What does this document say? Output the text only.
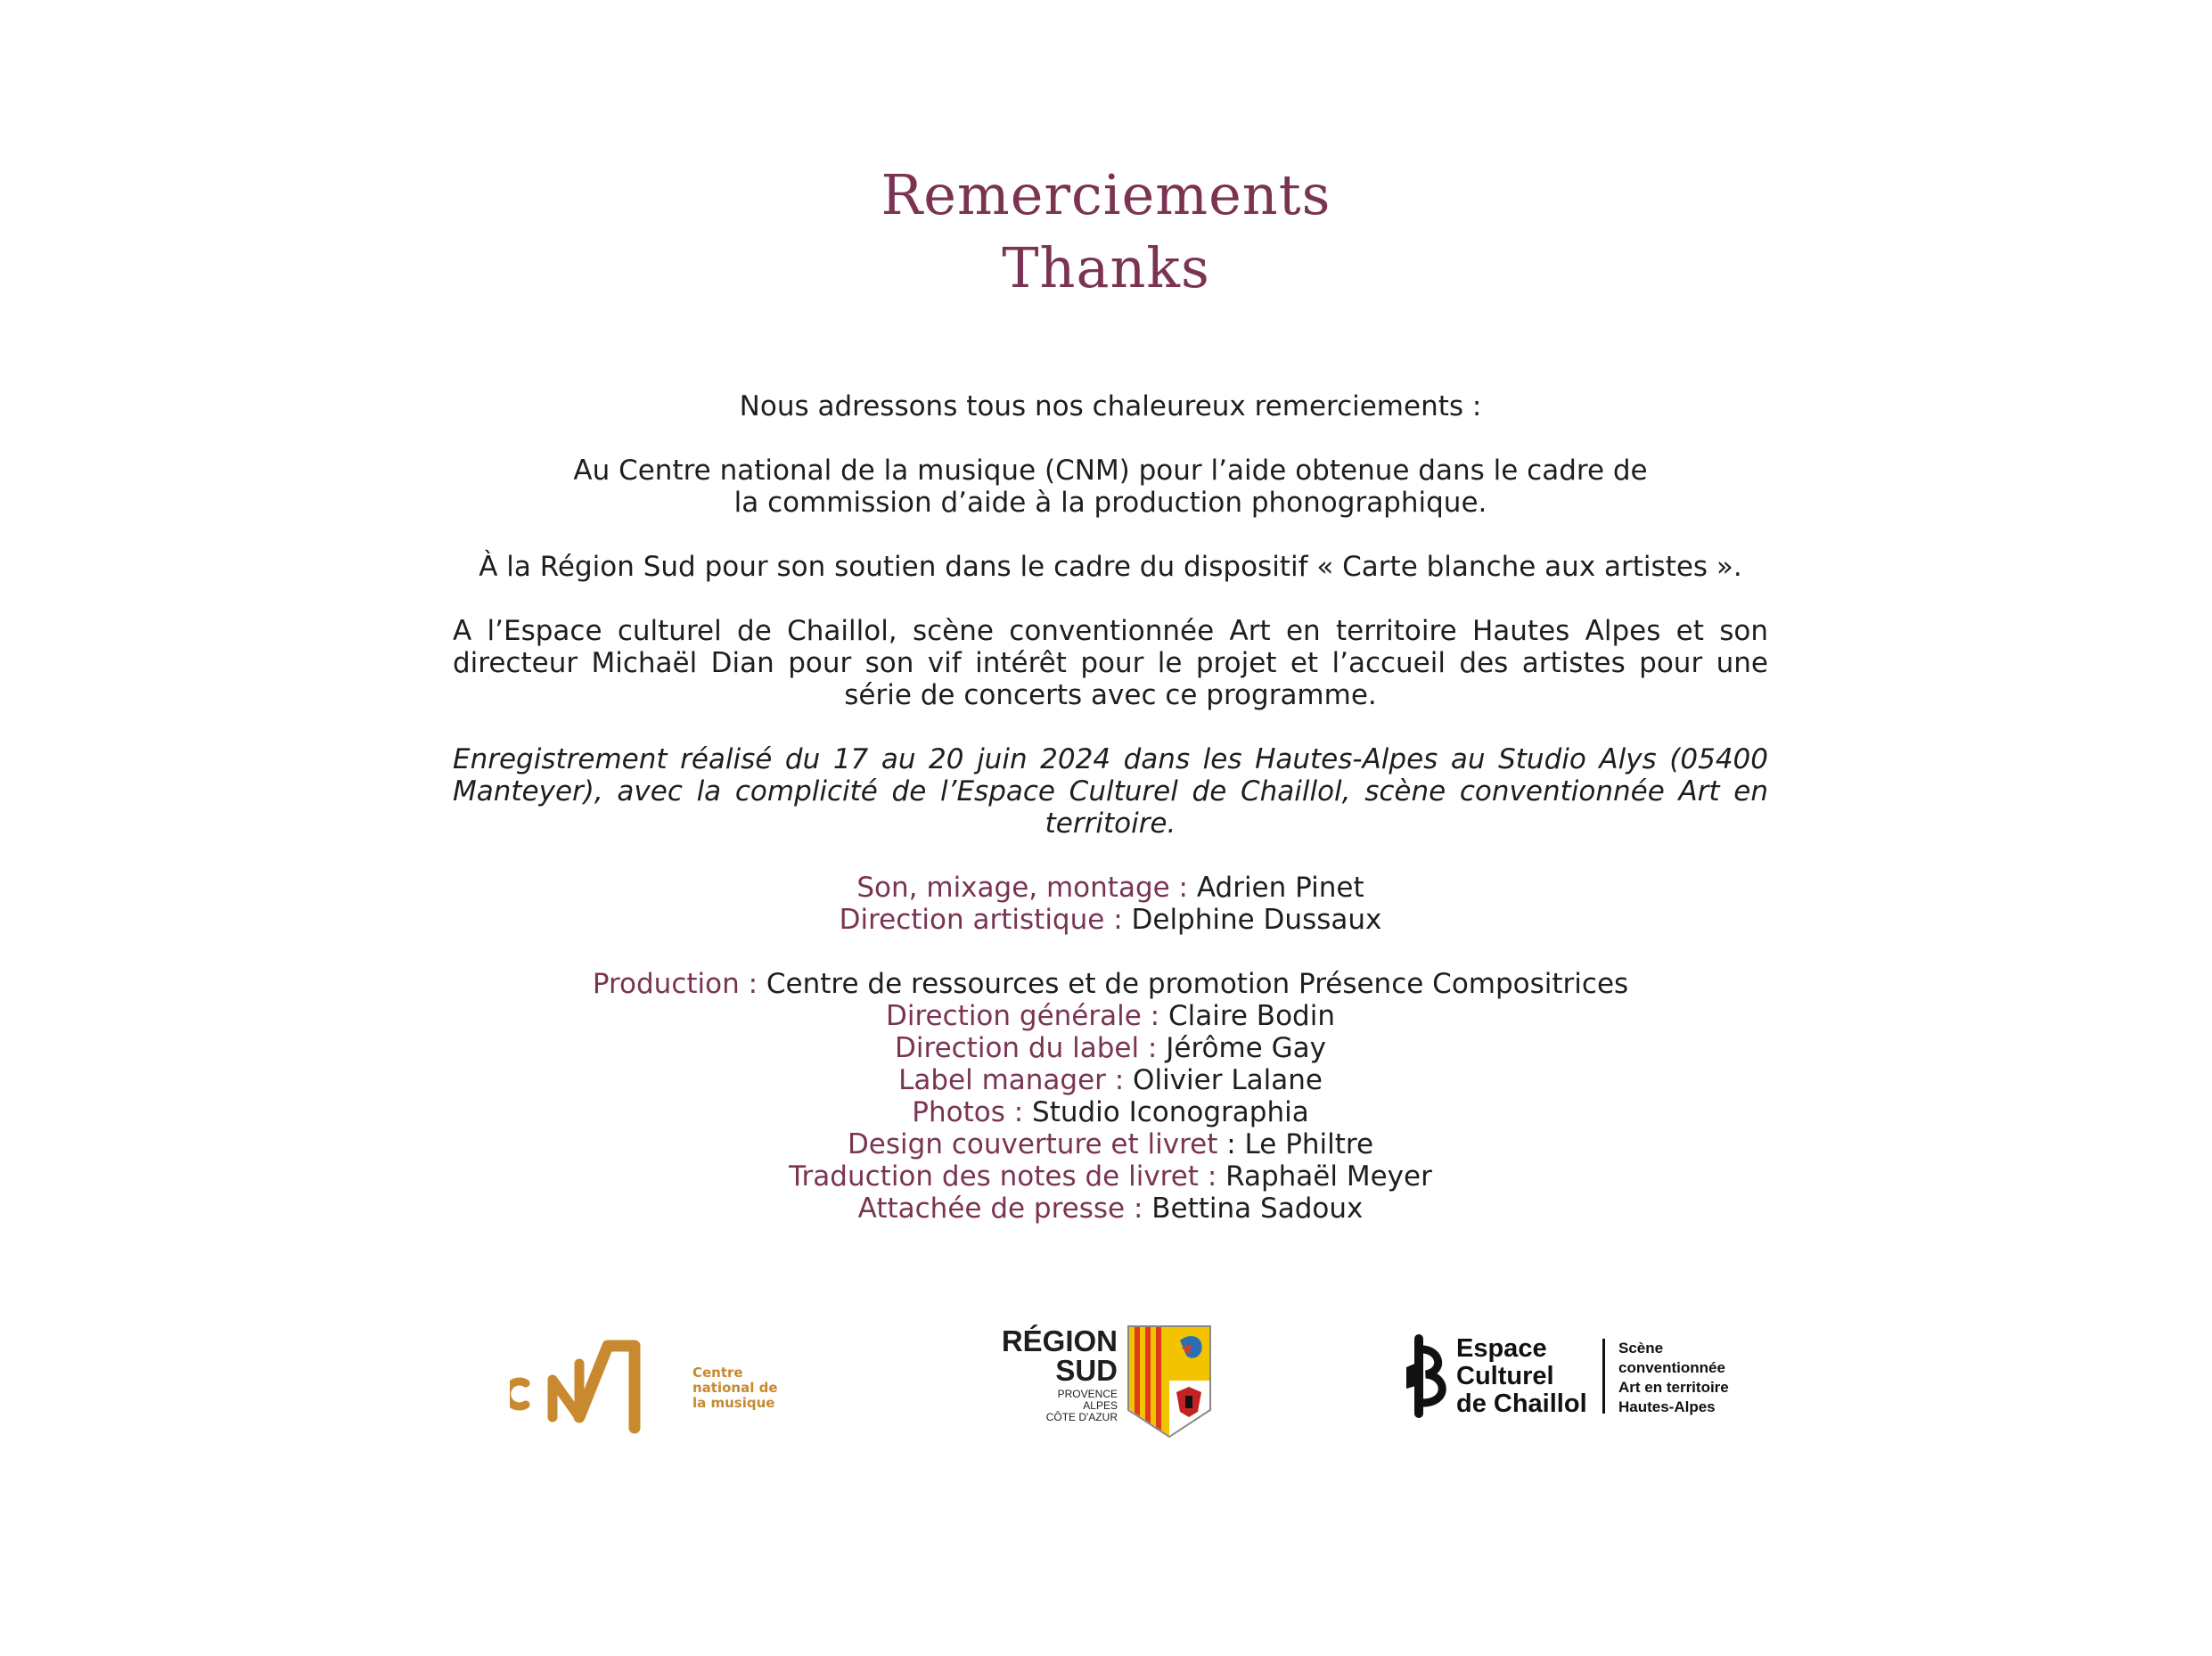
Remerciements
Thanks
Nous adressons tous nos chaleureux remerciements :
Au Centre national de la musique (CNM) pour l’aide obtenue dans le cadre de
la commission d’aide à la production phonographique.
À la Région Sud pour son soutien dans le cadre du dispositif « Carte blanche aux artistes ».
A l’Espace culturel de Chaillol, scène conventionnée Art en territoire Hautes Alpes et son directeur Michaël Dian pour son vif intérêt pour le projet et l’accueil des artistes pour une série de concerts avec ce programme.
Enregistrement réalisé du 17 au 20 juin 2024 dans les Hautes-Alpes au Studio Alys (05400 Manteyer), avec la complicité de l’Espace Culturel de Chaillol, scène conventionnée Art en territoire.
Son, mixage, montage : Adrien Pinet
Direction artistique : Delphine Dussaux
Production : Centre de ressources et de promotion Présence Compositrices
Direction générale : Claire Bodin
Direction du label : Jérôme Gay
Label manager : Olivier Lalane
Photos : Studio Iconographia
Design couverture et livret : Le Philtre
Traduction des notes de livret : Raphaël Meyer
Attachée de presse : Bettina Sadoux
Centre
national de
la musique
RÉGION
SUD
PROVENCE
ALPES
CÔTE D'AZUR
Espace
Culturel
de Chaillol
Scène
conventionnée
Art en territoire
Hautes-Alpes
